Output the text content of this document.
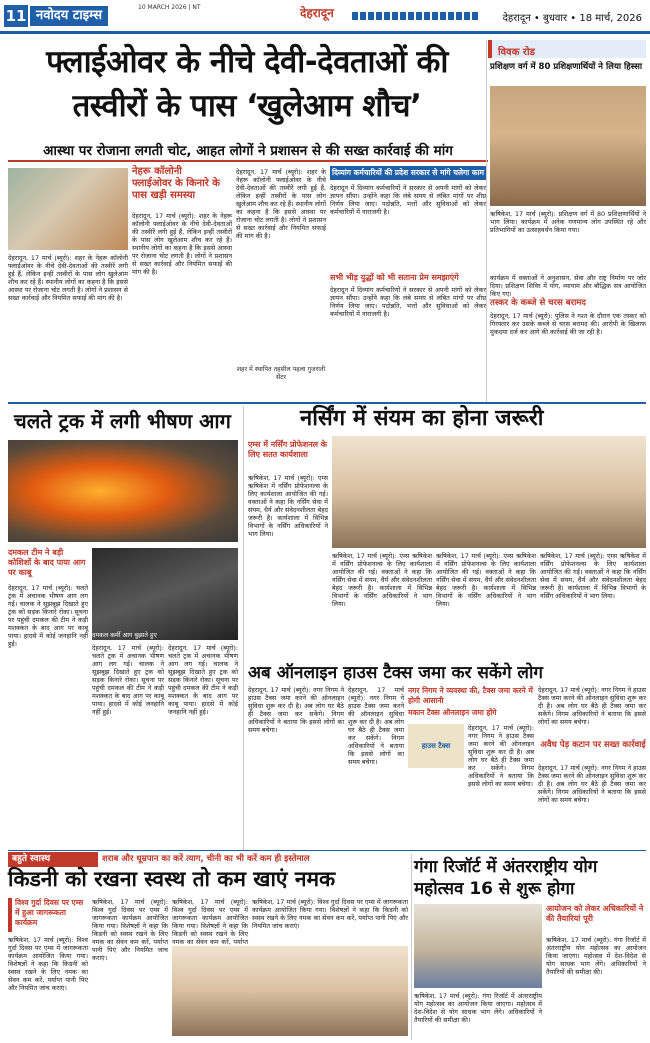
11 नवोदय टाइम्स
10 MARCH 2026 | NT	देहरादून	देहरादून • बुधवार • 18 मार्च, 2026
फ्लाईओवर के नीचे देवी-देवताओं की तस्वीरों के पास ‘खुलेआम शौच’
आस्था पर रोजाना लगती चोट, आहत लोगों ने प्रशासन से की सख्त कार्रवाई की मांग
नेहरू कॉलोनी फ्लाईओवर के किनारे के पास खड़ी समस्या
देहरादून, 17 मार्च (ब्यूरो): शहर के नेहरू कॉलोनी फ्लाईओवर के नीचे देवी-देवताओं की तस्वीरें लगी हुई हैं, लेकिन इन्हीं तस्वीरों के पास लोग खुलेआम शौच कर रहे हैं। स्थानीय लोगों का कहना है कि इससे आस्था पर रोजाना चोट लगती है। लोगों ने प्रशासन से सख्त कार्रवाई और नियमित सफाई की मांग की है।
देहरादून, 17 मार्च (ब्यूरो): शहर के नेहरू कॉलोनी फ्लाईओवर के नीचे देवी-देवताओं की तस्वीरें लगी हुई हैं, लेकिन इन्हीं तस्वीरों के पास लोग खुलेआम शौच कर रहे हैं। स्थानीय लोगों का कहना है कि इससे आस्था पर रोजाना चोट लगती है। लोगों ने प्रशासन से सख्त कार्रवाई और नियमित सफाई की मांग की है।
देहरादून, 17 मार्च (ब्यूरो): शहर के नेहरू कॉलोनी फ्लाईओवर के नीचे देवी-देवताओं की तस्वीरें लगी हुई हैं, लेकिन इन्हीं तस्वीरों के पास लोग खुलेआम शौच कर रहे हैं। स्थानीय लोगों का कहना है कि इससे आस्था पर रोजाना चोट लगती है। लोगों ने प्रशासन से सख्त कार्रवाई और नियमित सफाई की मांग की है।
शहर में स्थापित तहसील पहला गुजराती सेंटर
दिव्यांग कर्मचारियों की प्रदेश सरकार से मांगे चलेगा काम
देहरादून में दिव्यांग कर्मचारियों ने सरकार से अपनी मांगों को लेकर ज्ञापन सौंपा। उन्होंने कहा कि लंबे समय से लंबित मांगों पर शीघ्र निर्णय लिया जाए। पदोन्नति, भत्तों और सुविधाओं को लेकर कर्मचारियों में नाराजगी है।
सभी भीड़ युद्धों को भी सताना प्रेम समझाएंगे
देहरादून में दिव्यांग कर्मचारियों ने सरकार से अपनी मांगों को लेकर ज्ञापन सौंपा। उन्होंने कहा कि लंबे समय से लंबित मांगों पर शीघ्र निर्णय लिया जाए। पदोन्नति, भत्तों और सुविधाओं को लेकर कर्मचारियों में नाराजगी है।
विवक रोड
प्रशिक्षण वर्ग में 80 प्रशिक्षणार्थियों ने लिया हिस्सा
ऋषिकेश, 17 मार्च (ब्यूरो): प्रशिक्षण वर्ग में 80 प्रशिक्षणार्थियों ने भाग लिया। कार्यक्रम में अनेक गणमान्य लोग उपस्थित रहे और प्रतिभागियों का उत्साहवर्धन किया गया।
कार्यक्रम में वक्ताओं ने अनुशासन, सेवा और राष्ट्र निर्माण पर जोर दिया। प्रशिक्षण शिविर में योग, व्यायाम और बौद्धिक सत्र आयोजित किए गए।
तस्कर के कब्जे से चरस बरामद
देहरादून, 17 मार्च (ब्यूरो): पुलिस ने गश्त के दौरान एक तस्कर को गिरफ्तार कर उसके कब्जे से चरस बरामद की। आरोपी के खिलाफ मुकदमा दर्ज कर आगे की कार्रवाई की जा रही है।
चलते ट्रक में लगी भीषण आग
दमकल टीम ने बड़ी कोशिशों के बाद पाया आग पर काबू
देहरादून, 17 मार्च (ब्यूरो): चलते ट्रक में अचानक भीषण आग लग गई। चालक ने सूझबूझ दिखाते हुए ट्रक को सड़क किनारे रोका। सूचना पर पहुंची दमकल की टीम ने कड़ी मशक्कत के बाद आग पर काबू पाया। हादसे में कोई जनहानि नहीं हुई।	देहरादून, 17 मार्च (ब्यूरो): चलते ट्रक में अचानक भीषण आग लग गई। चालक ने सूझबूझ दिखाते हुए ट्रक को सड़क किनारे रोका। सूचना पर पहुंची दमकल की टीम ने कड़ी मशक्कत के बाद आग पर काबू पाया। हादसे में कोई जनहानि नहीं हुई।
देहरादून, 17 मार्च (ब्यूरो): चलते ट्रक में अचानक भीषण आग लग गई। चालक ने सूझबूझ दिखाते हुए ट्रक को सड़क किनारे रोका। सूचना पर पहुंची दमकल की टीम ने कड़ी मशक्कत के बाद आग पर काबू पाया। हादसे में कोई जनहानि नहीं हुई।
दमकल कर्मी आग बुझाते हुए
नर्सिंग में संयम का होना जरूरी
एम्स में नर्सिंग प्रोफेशनल के लिए सतत कार्यशाला
ऋषिकेश, 17 मार्च (ब्यूरो): एम्स ऋषिकेश में नर्सिंग प्रोफेशनल्स के लिए कार्यशाला आयोजित की गई। वक्ताओं ने कहा कि नर्सिंग सेवा में संयम, धैर्य और संवेदनशीलता बेहद जरूरी है। कार्यशाला में विभिन्न विभागों के नर्सिंग अधिकारियों ने भाग लिया।
ऋषिकेश, 17 मार्च (ब्यूरो): एम्स ऋषिकेश में नर्सिंग प्रोफेशनल्स के लिए कार्यशाला आयोजित की गई। वक्ताओं ने कहा कि नर्सिंग सेवा में संयम, धैर्य और संवेदनशीलता बेहद जरूरी है। कार्यशाला में विभिन्न विभागों के नर्सिंग अधिकारियों ने भाग लिया।
ऋषिकेश, 17 मार्च (ब्यूरो): एम्स ऋषिकेश में नर्सिंग प्रोफेशनल्स के लिए कार्यशाला आयोजित की गई। वक्ताओं ने कहा कि नर्सिंग सेवा में संयम, धैर्य और संवेदनशीलता बेहद जरूरी है। कार्यशाला में विभिन्न विभागों के नर्सिंग अधिकारियों ने भाग लिया।
ऋषिकेश, 17 मार्च (ब्यूरो): एम्स ऋषिकेश में नर्सिंग प्रोफेशनल्स के लिए कार्यशाला आयोजित की गई। वक्ताओं ने कहा कि नर्सिंग सेवा में संयम, धैर्य और संवेदनशीलता बेहद जरूरी है। कार्यशाला में विभिन्न विभागों के नर्सिंग अधिकारियों ने भाग लिया।
अब ऑनलाइन हाउस टैक्स जमा कर सकेंगे लोग
देहरादून, 17 मार्च (ब्यूरो): नगर निगम ने हाउस टैक्स जमा करने की ऑनलाइन सुविधा शुरू कर दी है। अब लोग घर बैठे ही टैक्स जमा कर सकेंगे। निगम अधिकारियों ने बताया कि इससे लोगों का समय बचेगा।
देहरादून, 17 मार्च (ब्यूरो): नगर निगम ने हाउस टैक्स जमा करने की ऑनलाइन सुविधा शुरू कर दी है। अब लोग घर बैठे ही टैक्स जमा कर सकेंगे। निगम अधिकारियों ने बताया कि इससे लोगों का समय बचेगा।
नगर निगम ने व्यवस्था की, टैक्स जमा करने में होगी आसानी
मकान टैक्स ऑनलाइन जमा होंगे
हाउस टैक्स
देहरादून, 17 मार्च (ब्यूरो): नगर निगम ने हाउस टैक्स जमा करने की ऑनलाइन सुविधा शुरू कर दी है। अब लोग घर बैठे ही टैक्स जमा कर सकेंगे। निगम अधिकारियों ने बताया कि इससे लोगों का समय बचेगा।
देहरादून, 17 मार्च (ब्यूरो): नगर निगम ने हाउस टैक्स जमा करने की ऑनलाइन सुविधा शुरू कर दी है। अब लोग घर बैठे ही टैक्स जमा कर सकेंगे। निगम अधिकारियों ने बताया कि इससे लोगों का समय बचेगा।
अवैध पेड़ कटान पर सख्त कार्रवाई
देहरादून, 17 मार्च (ब्यूरो): नगर निगम ने हाउस टैक्स जमा करने की ऑनलाइन सुविधा शुरू कर दी है। अब लोग घर बैठे ही टैक्स जमा कर सकेंगे। निगम अधिकारियों ने बताया कि इससे लोगों का समय बचेगा।
बहुते स्वास्थ	शराब और धूम्रपान का करें त्याग, चीनी का भी करें कम ही इस्तेमाल
किडनी को रखना स्वस्थ तो कम खाएं नमक
विश्व गुर्दा दिवस पर एम्स में हुआ जागरूकता कार्यक्रम
ऋषिकेश, 17 मार्च (ब्यूरो): विश्व गुर्दा दिवस पर एम्स में जागरूकता कार्यक्रम आयोजित किया गया। विशेषज्ञों ने कहा कि किडनी को स्वस्थ रखने के लिए नमक का सेवन कम करें, पर्याप्त पानी पिएं और नियमित जांच कराएं।
ऋषिकेश, 17 मार्च (ब्यूरो): विश्व गुर्दा दिवस पर एम्स में जागरूकता कार्यक्रम आयोजित किया गया। विशेषज्ञों ने कहा कि किडनी को स्वस्थ रखने के लिए नमक का सेवन कम करें, पर्याप्त पानी पिएं और नियमित जांच कराएं।
ऋषिकेश, 17 मार्च (ब्यूरो): विश्व गुर्दा दिवस पर एम्स में जागरूकता कार्यक्रम आयोजित किया गया। विशेषज्ञों ने कहा कि किडनी को स्वस्थ रखने के लिए नमक का सेवन कम करें, पर्याप्त
ऋषिकेश, 17 मार्च (ब्यूरो): विश्व गुर्दा दिवस पर एम्स में जागरूकता कार्यक्रम आयोजित किया गया। विशेषज्ञों ने कहा कि किडनी को स्वस्थ रखने के लिए नमक का सेवन कम करें, पर्याप्त पानी पिएं और नियमित जांच कराएं।
गंगा रिजॉर्ट में अंतरराष्ट्रीय योग महोत्सव 16 से शुरू होगा
ऋषिकेश, 17 मार्च (ब्यूरो): गंगा रिजॉर्ट में अंतरराष्ट्रीय योग महोत्सव का आयोजन किया जाएगा। महोत्सव में देश-विदेश से योग साधक भाग लेंगे। अधिकारियों ने तैयारियों की समीक्षा की।
आयोजन को लेकर अधिकारियों ने की तैयारियां पूरी
ऋषिकेश, 17 मार्च (ब्यूरो): गंगा रिजॉर्ट में अंतरराष्ट्रीय योग महोत्सव का आयोजन किया जाएगा। महोत्सव में देश-विदेश से योग साधक भाग लेंगे। अधिकारियों ने तैयारियों की समीक्षा की।
